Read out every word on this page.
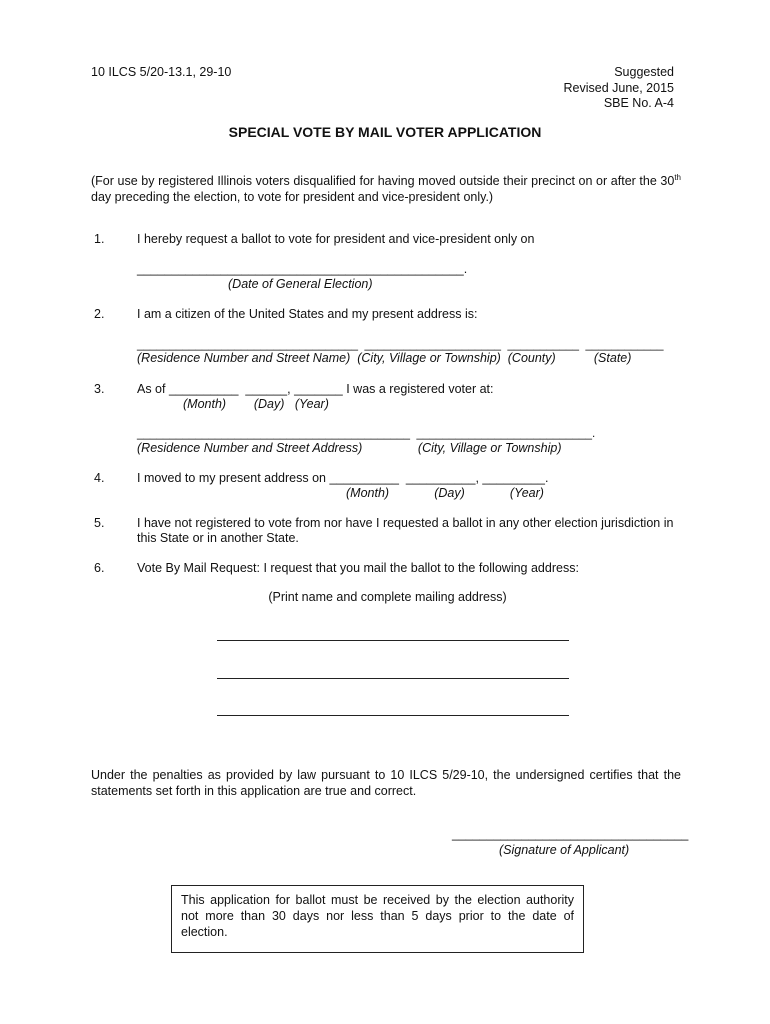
10 ILCS 5/20-13.1, 29-10	Suggested
Revised June, 2015
SBE No. A-4
SPECIAL VOTE BY MAIL VOTER APPLICATION
(For use by registered Illinois voters disqualified for having moved outside their precinct on or after the 30th day preceding the election, to vote for president and vice-president only.)
1.	I hereby request a ballot to vote for president and vice-president only on
_______________________________________________.
(Date of General Election)
2.	I am a citizen of the United States and my present address is:
__________________________________  _____________________  ___________  ____________
(Residence Number and Street Name)  (City, Village or Township)  (County)           (State)
3.	As of __________  ______, _______ I was a registered voter at:
(Month)        (Day)   (Year)
__________________________________________  ___________________________.
(Residence Number and Street Address)                (City, Village or Township)
4.	I moved to my present address on __________  __________, _________.
(Month)             (Day)             (Year)
5.	I have not registered to vote from nor have I requested a ballot in any other election jurisdiction in this State or in another State.
6.	Vote By Mail Request: I request that you mail the ballot to the following address:
(Print name and complete mailing address)
Under the penalties as provided by law pursuant to 10 ILCS 5/29-10, the undersigned certifies that the statements set forth in this application are true and correct.
__________________________________
(Signature of Applicant)
This application for ballot must be received by the election authority not more than 30 days nor less than 5 days prior to the date of election.
